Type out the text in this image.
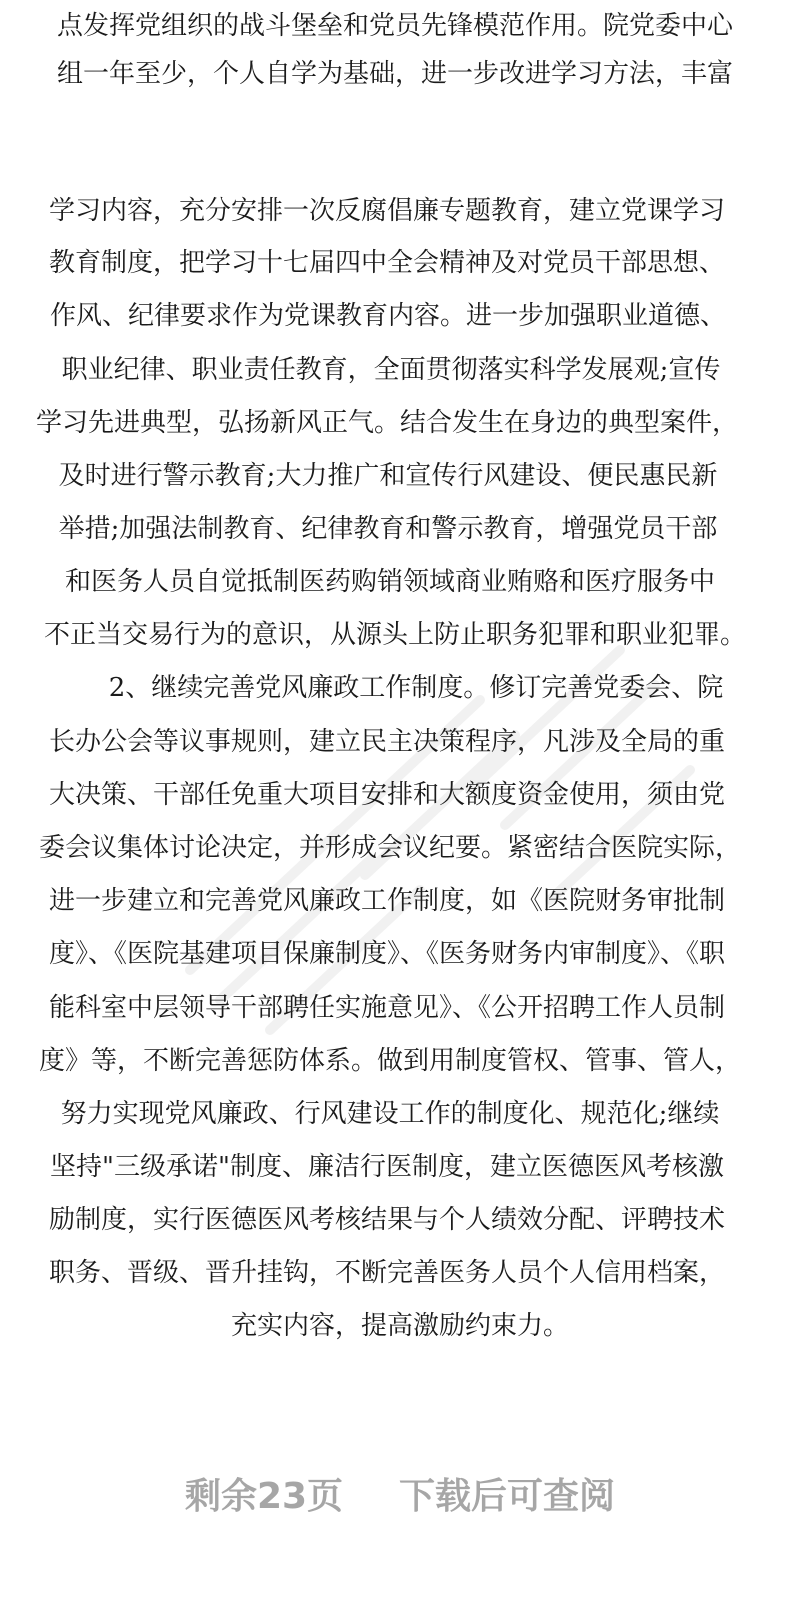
点发挥党组织的战斗堡垒和党员先锋模范作用。院党委中心
组一年至少，个人自学为基础，进一步改进学习方法，丰富
学习内容，充分安排一次反腐倡廉专题教育，建立党课学习
教育制度，把学习十七届四中全会精神及对党员干部思想、
作风、纪律要求作为党课教育内容。进一步加强职业道德、
职业纪律、职业责任教育，全面贯彻落实科学发展观;宣传
学习先进典型，弘扬新风正气。结合发生在身边的典型案件，
及时进行警示教育;大力推广和宣传行风建设、便民惠民新
举措;加强法制教育、纪律教育和警示教育，增强党员干部
和医务人员自觉抵制医药购销领域商业贿赂和医疗服务中
不正当交易行为的意识，从源头上防止职务犯罪和职业犯罪。
2、继续完善党风廉政工作制度。修订完善党委会、院
长办公会等议事规则，建立民主决策程序，凡涉及全局的重
大决策、干部任免重大项目安排和大额度资金使用，须由党
委会议集体讨论决定，并形成会议纪要。紧密结合医院实际，
进一步建立和完善党风廉政工作制度，如《医院财务审批制
度》、《医院基建项目保廉制度》、《医务财务内审制度》、《职
能科室中层领导干部聘任实施意见》、《公开招聘工作人员制
度》等，不断完善惩防体系。做到用制度管权、管事、管人，
努力实现党风廉政、行风建设工作的制度化、规范化;继续
坚持"三级承诺"制度、廉洁行医制度，建立医德医风考核激
励制度，实行医德医风考核结果与个人绩效分配、评聘技术
职务、晋级、晋升挂钩，不断完善医务人员个人信用档案，
充实内容，提高激励约束力。
剩余23页 下载后可查阅
